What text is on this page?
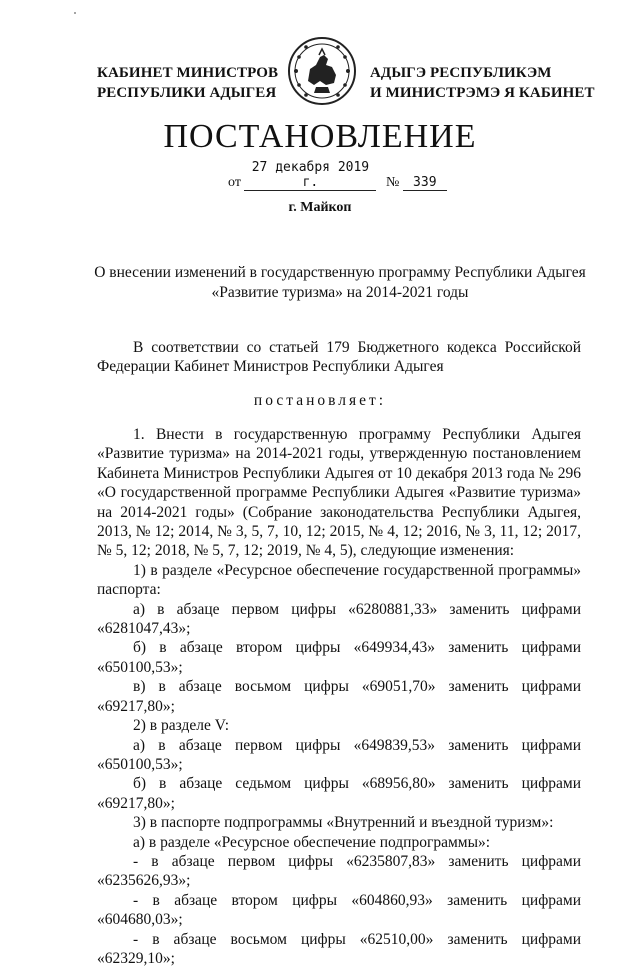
КАБИНЕТ МИНИСТРОВ
РЕСПУБЛИКИ АДЫГЕЯ
АДЫГЭ РЕСПУБЛИКЭМ
И МИНИСТРЭМЭ Я КАБИНЕТ
ПОСТАНОВЛЕНИЕ
от 27 декабря 2019 г.	№ 339
г. Майкоп
О внесении изменений в государственную программу Республики Адыгея
«Развитие туризма» на 2014-2021 годы
В соответствии со статьей 179 Бюджетного кодекса Российской Федерации Кабинет Министров Республики Адыгея
постановляет:

1. Внести в государственную программу Республики Адыгея «Развитие туризма» на 2014-2021 годы, утвержденную постановлением Кабинета Министров Республики Адыгея от 10 декабря 2013 года № 296 «О государственной программе Республики Адыгея «Развитие туризма» на 2014-2021 годы» (Собрание законодательства Республики Адыгея, 2013, № 12; 2014, № 3, 5, 7, 10, 12; 2015, № 4, 12; 2016, № 3, 11, 12; 2017, № 5, 12; 2018, № 5, 7, 12; 2019, № 4, 5), следующие изменения:

1) в разделе «Ресурсное обеспечение государственной программы» паспорта:

а) в абзаце первом цифры «6280881,33» заменить цифрами «6281047,43»;

б) в абзаце втором цифры «649934,43» заменить цифрами «650100,53»;

в) в абзаце восьмом цифры «69051,70» заменить цифрами «69217,80»;

2) в разделе V:

а) в абзаце первом цифры «649839,53» заменить цифрами «650100,53»;

б) в абзаце седьмом цифры «68956,80» заменить цифрами «69217,80»;

3) в паспорте подпрограммы «Внутренний и въездной туризм»:

а) в разделе «Ресурсное обеспечение подпрограммы»:

- в абзаце первом цифры «6235807,83» заменить цифрами «6235626,93»;

- в абзаце втором цифры «604860,93» заменить цифрами «604680,03»;

- в абзаце восьмом цифры «62510,00» заменить цифрами «62329,10»;
